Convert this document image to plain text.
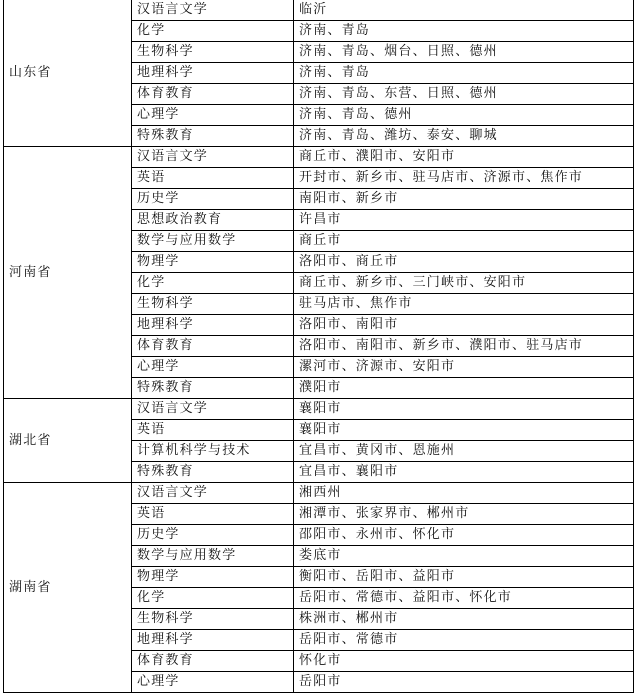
山东省	汉语言文学	临沂
	化学	济南、青岛
	生物科学	济南、青岛、烟台、日照、德州
	地理科学	济南、青岛
	体育教育	济南、青岛、东营、日照、德州
	心理学	济南、青岛、德州
	特殊教育	济南、青岛、潍坊、泰安、聊城
河南省	汉语言文学	商丘市、濮阳市、安阳市
	英语	开封市、新乡市、驻马店市、济源市、焦作市
	历史学	南阳市、新乡市
	思想政治教育	许昌市
	数学与应用数学	商丘市
	物理学	洛阳市、商丘市
	化学	商丘市、新乡市、三门峡市、安阳市
	生物科学	驻马店市、焦作市
	地理科学	洛阳市、南阳市
	体育教育	洛阳市、南阳市、新乡市、濮阳市、驻马店市
	心理学	漯河市、济源市、安阳市
	特殊教育	濮阳市
湖北省	汉语言文学	襄阳市
	英语	襄阳市
	计算机科学与技术	宜昌市、黄冈市、恩施州
	特殊教育	宜昌市、襄阳市
湖南省	汉语言文学	湘西州
	英语	湘潭市、张家界市、郴州市
	历史学	邵阳市、永州市、怀化市
	数学与应用数学	娄底市
	物理学	衡阳市、岳阳市、益阳市
	化学	岳阳市、常德市、益阳市、怀化市
	生物科学	株洲市、郴州市
	地理科学	岳阳市、常德市
	体育教育	怀化市
	心理学	岳阳市
